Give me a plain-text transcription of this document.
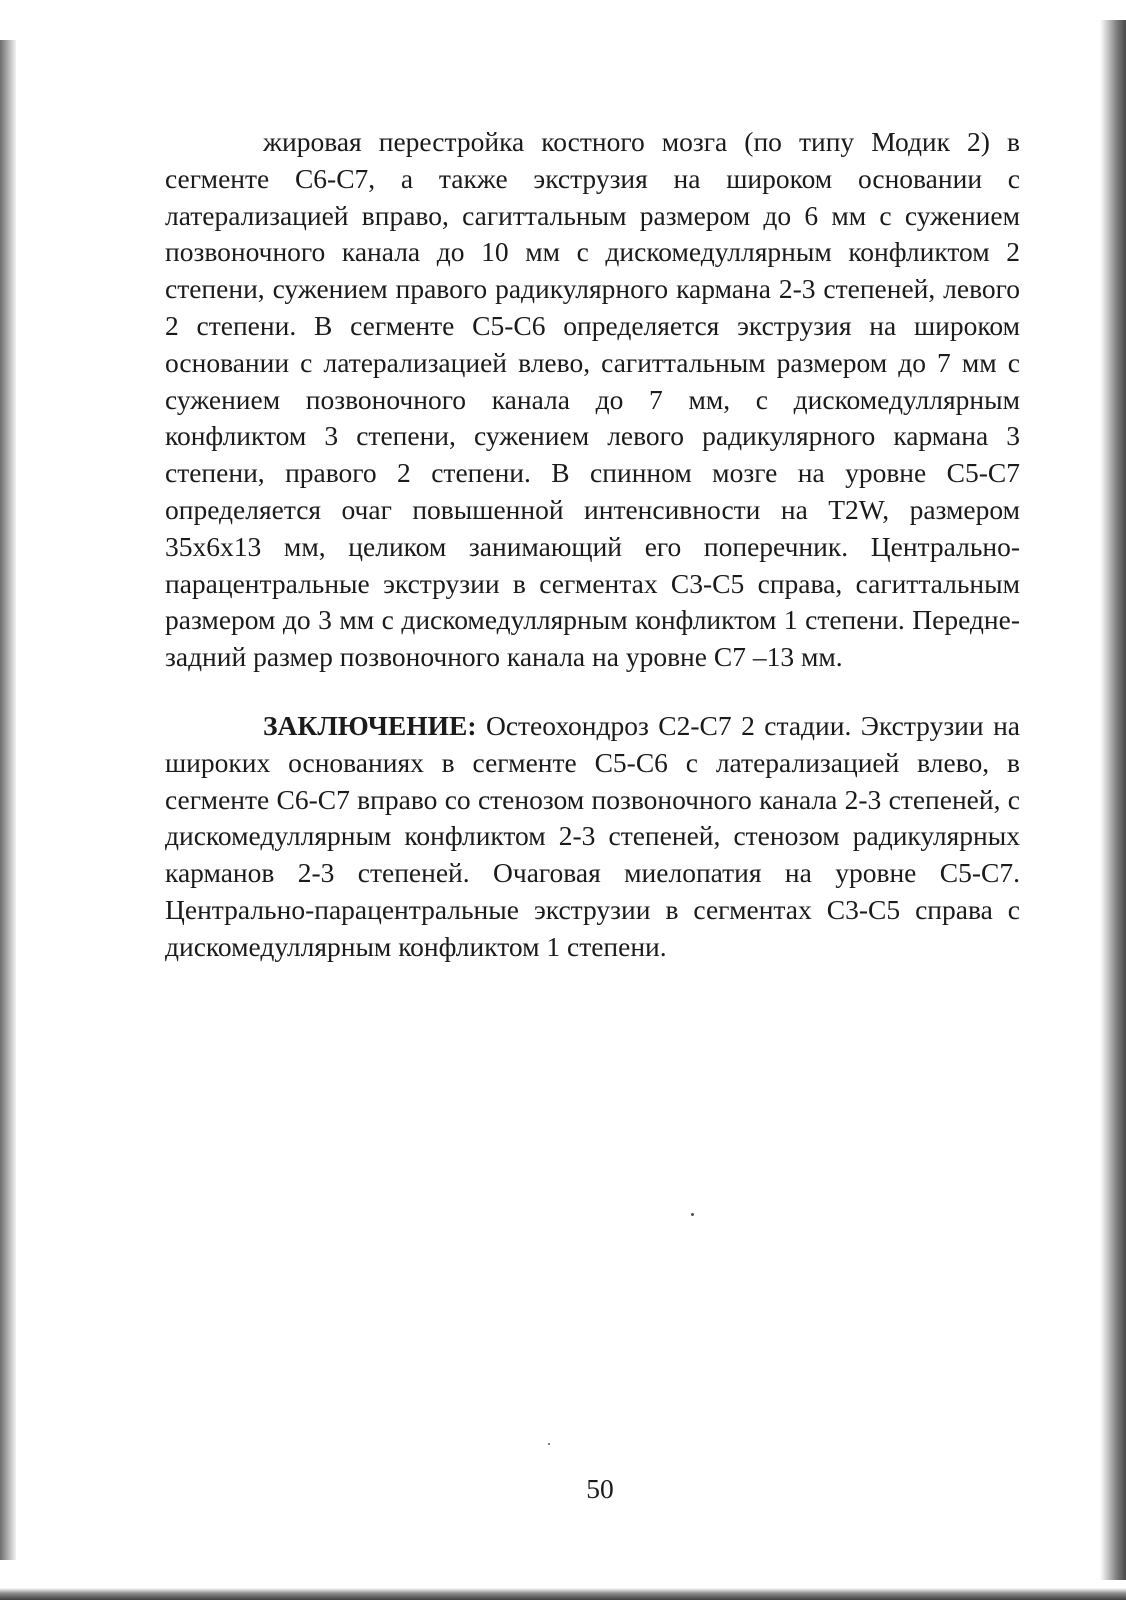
жировая перестройка костного мозга (по типу Модик 2) в сегменте С6-С7, а также экструзия на широком основании с латерализацией вправо, сагиттальным размером до 6 мм с сужением позвоночного канала до 10 мм с дискомедуллярным конфликтом 2 степени, сужением правого радикулярного кармана 2-3 степеней, левого 2 степени. В сегменте С5-С6 определяется экструзия на широком основании с латерализацией влево, сагиттальным размером до 7 мм с сужением позвоночного канала до 7 мм, с дискомедуллярным конфликтом 3 степени, сужением левого радикулярного кармана 3 степени, правого 2 степени. В спинном мозге на уровне С5-С7 определяется очаг повышенной интенсивности на T2W, размером 35х6х13 мм, целиком занимающий его поперечник. Центрально-парацентральные экструзии в сегментах С3-С5 справа, сагиттальным размером до 3 мм с дискомедуллярным конфликтом 1 степени. Передне-задний размер позвоночного канала на уровне С7 –13 мм.

ЗАКЛЮЧЕНИЕ: Остеохондроз С2-С7 2 стадии. Экструзии на широких основаниях в сегменте С5-С6 с латерализацией влево, в сегменте С6-С7 вправо со стенозом позвоночного канала 2-3 степеней, с дискомедуллярным конфликтом 2-3 степеней, стенозом радикулярных карманов 2-3 степеней. Очаговая миелопатия на уровне С5-С7. Центрально-парацентральные экструзии в сегментах С3-С5 справа с дискомедуллярным конфликтом 1 степени.

50
